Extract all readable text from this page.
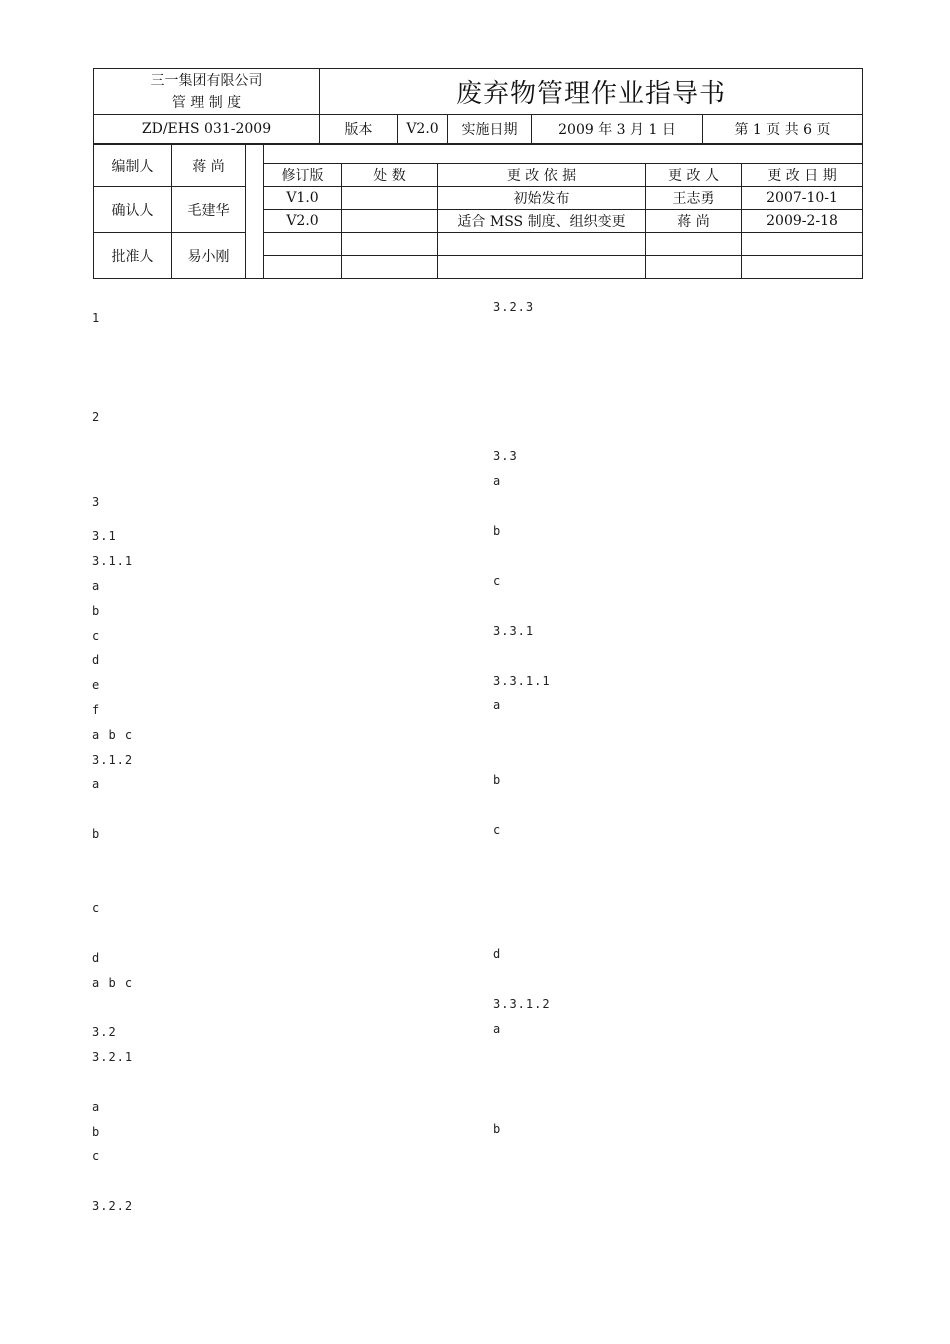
三一集团有限公司
管 理 制 度	废弃物管理作业指导书
ZD/EHS 031-2009	版本	V2.0	实施日期	2009 年 3 月 1 日	第 1 页 共 6 页
编制人	蒋 尚						
			修订版	处 数	更 改 依 据	更 改 人	更 改 日 期
确认人	毛建华		V1.0		初始发布	王志勇	2007-10-1
			V2.0		适合 MSS 制度、组织变更	蒋 尚	2009-2-18
批准人	易小刚						

1

2

3
3.1
3.1.1
a
b
c
d
e
f
a b c
3.1.2
a
b
c
d
a b c
3.2
3.2.1
a
b
c
3.2.2
3.2.3
3.3
a
b
c
3.3.1
3.3.1.1
a
b
c
d
3.3.1.2
a
b
